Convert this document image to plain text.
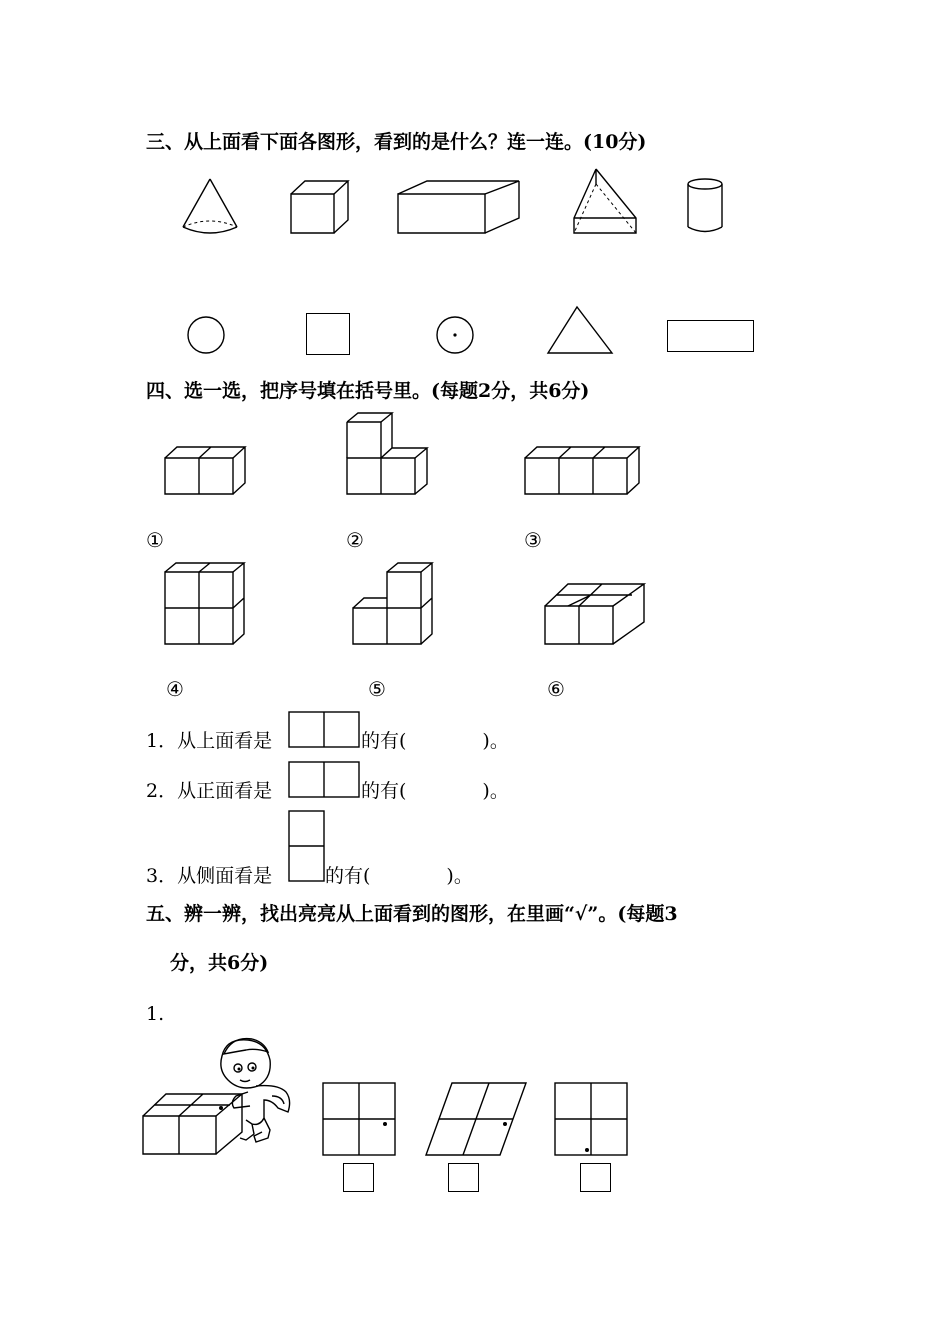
三、从上面看下面各图形，看到的是什么？连一连。(10分)
四、选一选，把序号填在括号里。(每题2分，共6分)
①	②	③
④	⑤	⑥
1．从上面看是	的有(　　　　)。
2．从正面看是	的有(　　　　)。
3．从侧面看是	的有(　　　　)。
五、辨一辨，找出亮亮从上面看到的图形，在里画“√”。(每题3
分，共6分)
1.
